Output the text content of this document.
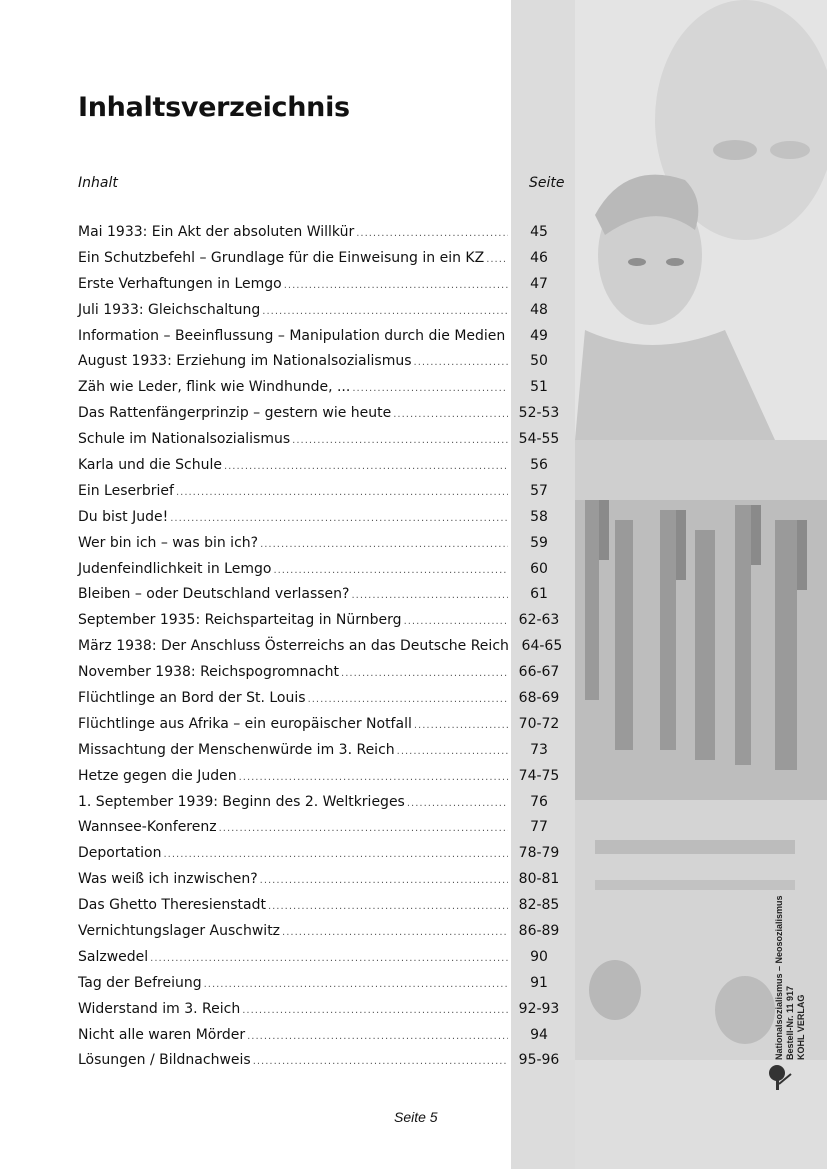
Inhaltsverzeichnis
Inhalt	Seite
Mai 1933: Ein Akt der absoluten Willkür .....	45
Ein Schutzbefehl – Grundlage für die Einweisung in ein KZ .....	46
Erste Verhaftungen in Lemgo .....	47
Juli 1933: Gleichschaltung .....	48
Information – Beeinflussung – Manipulation durch die Medien .....	49
August 1933: Erziehung im Nationalsozialismus .....	50
Zäh wie Leder, flink wie Windhunde, ... .....	51
Das Rattenfängerprinzip – gestern wie heute .....	52-53
Schule im Nationalsozialismus .....	54-55
Karla und die Schule .....	56
Ein Leserbrief .....	57
Du bist Jude! .....	58
Wer bin ich – was bin ich? .....	59
Judenfeindlichkeit in Lemgo .....	60
Bleiben – oder Deutschland verlassen? .....	61
September 1935: Reichsparteitag in Nürnberg .....	62-63
März 1938: Der Anschluss Österreichs an das Deutsche Reich 64-65
November 1938: Reichspogromnacht .....	66-67
Flüchtlinge an Bord der St. Louis .....	68-69
Flüchtlinge aus Afrika – ein europäischer Notfall .....	70-72
Missachtung der Menschenwürde im 3. Reich .....	73
Hetze gegen die Juden .....	74-75
1. September 1939: Beginn des 2. Weltkrieges .....	76
Wannsee-Konferenz .....	77
Deportation .....	78-79
Was weiß ich inzwischen? .....	80-81
Das Ghetto Theresienstadt .....	82-85
Vernichtungslager Auschwitz .....	86-89
Salzwedel .....	90
Tag der Befreiung .....	91
Widerstand im 3. Reich .....	92-93
Nicht alle waren Mörder .....	94
Lösungen / Bildnachweis .....	95-96
Seite 5
Nationalsozialismus – Neosozialismus Bestell-Nr. 11 917 KOHL VERLAG
